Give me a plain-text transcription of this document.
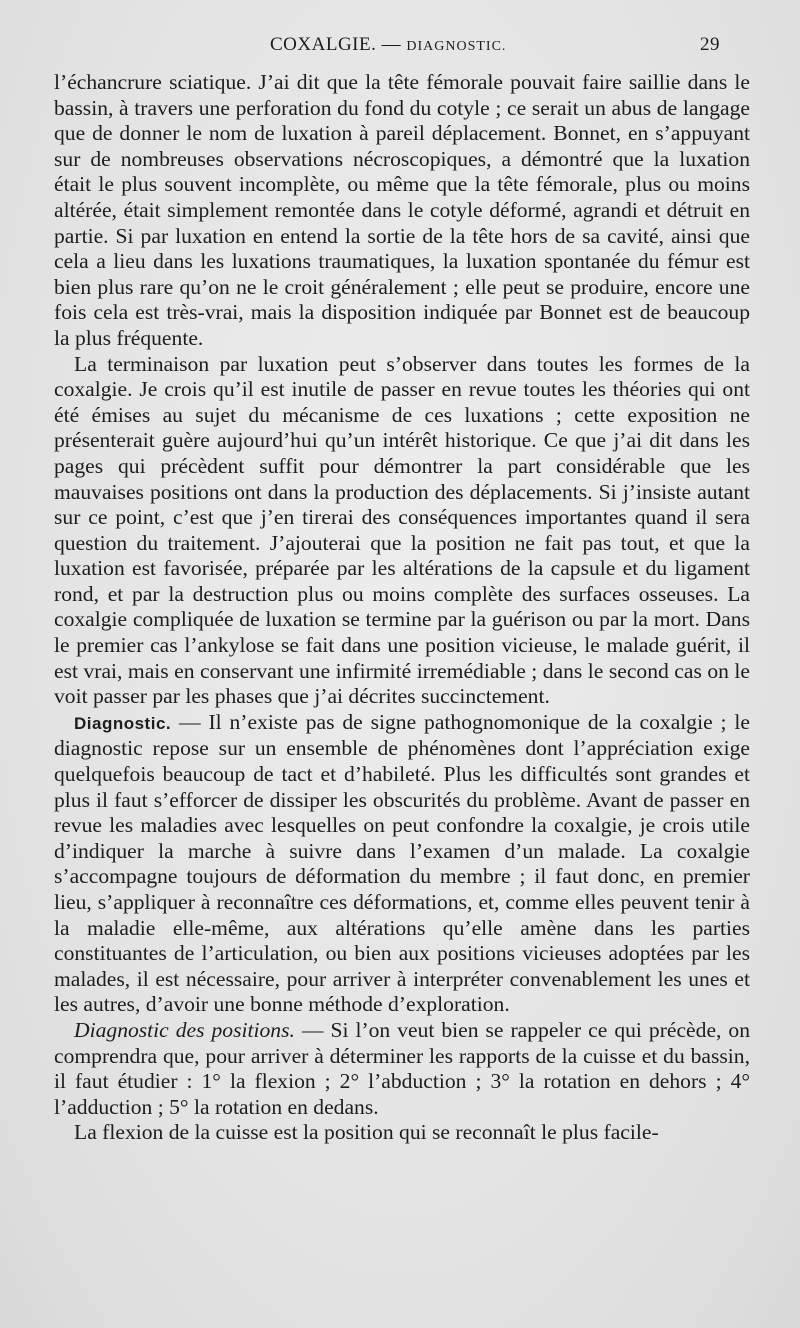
COXALGIE. — DIAGNOSTIC.	29

l’échancrure sciatique. J’ai dit que la tête fémorale pouvait faire saillie dans le bassin, à travers une perforation du fond du cotyle ; ce serait un abus de langage que de donner le nom de luxation à pareil déplacement. Bonnet, en s’appuyant sur de nombreuses observations nécroscopiques, a démontré que la luxation était le plus souvent incomplète, ou même que la tête fémorale, plus ou moins altérée, était simplement remontée dans le cotyle déformé, agrandi et détruit en partie. Si par luxation en entend la sortie de la tête hors de sa cavité, ainsi que cela a lieu dans les luxations traumatiques, la luxation spontanée du fémur est bien plus rare qu’on ne le croit généralement ; elle peut se produire, encore une fois cela est très-vrai, mais la disposition indiquée par Bonnet est de beaucoup la plus fréquente.

La terminaison par luxation peut s’observer dans toutes les formes de la coxalgie. Je crois qu’il est inutile de passer en revue toutes les théories qui ont été émises au sujet du mécanisme de ces luxations ; cette exposition ne présenterait guère aujourd’hui qu’un intérêt historique. Ce que j’ai dit dans les pages qui précèdent suffit pour démontrer la part considérable que les mauvaises positions ont dans la production des déplacements. Si j’insiste autant sur ce point, c’est que j’en tirerai des conséquences importantes quand il sera question du traitement. J’ajouterai que la position ne fait pas tout, et que la luxation est favorisée, préparée par les altérations de la capsule et du ligament rond, et par la destruction plus ou moins complète des surfaces osseuses. La coxalgie compliquée de luxation se termine par la guérison ou par la mort. Dans le premier cas l’ankylose se fait dans une position vicieuse, le malade guérit, il est vrai, mais en conservant une infirmité irremédiable ; dans le second cas on le voit passer par les phases que j’ai décrites succinctement.

Diagnostic. — Il n’existe pas de signe pathognomonique de la coxalgie ; le diagnostic repose sur un ensemble de phénomènes dont l’appréciation exige quelquefois beaucoup de tact et d’habileté. Plus les difficultés sont grandes et plus il faut s’efforcer de dissiper les obscurités du problème. Avant de passer en revue les maladies avec lesquelles on peut confondre la coxalgie, je crois utile d’indiquer la marche à suivre dans l’examen d’un malade. La coxalgie s’accompagne toujours de déformation du membre ; il faut donc, en premier lieu, s’appliquer à reconnaître ces déformations, et, comme elles peuvent tenir à la maladie elle-même, aux altérations qu’elle amène dans les parties constituantes de l’articulation, ou bien aux positions vicieuses adoptées par les malades, il est nécessaire, pour arriver à interpréter convenablement les unes et les autres, d’avoir une bonne méthode d’exploration.

Diagnostic des positions. — Si l’on veut bien se rappeler ce qui précède, on comprendra que, pour arriver à déterminer les rapports de la cuisse et du bassin, il faut étudier : 1° la flexion ; 2° l’abduction ; 3° la rotation en dehors ; 4° l’adduction ; 5° la rotation en dedans.

La flexion de la cuisse est la position qui se reconnaît le plus facile-
